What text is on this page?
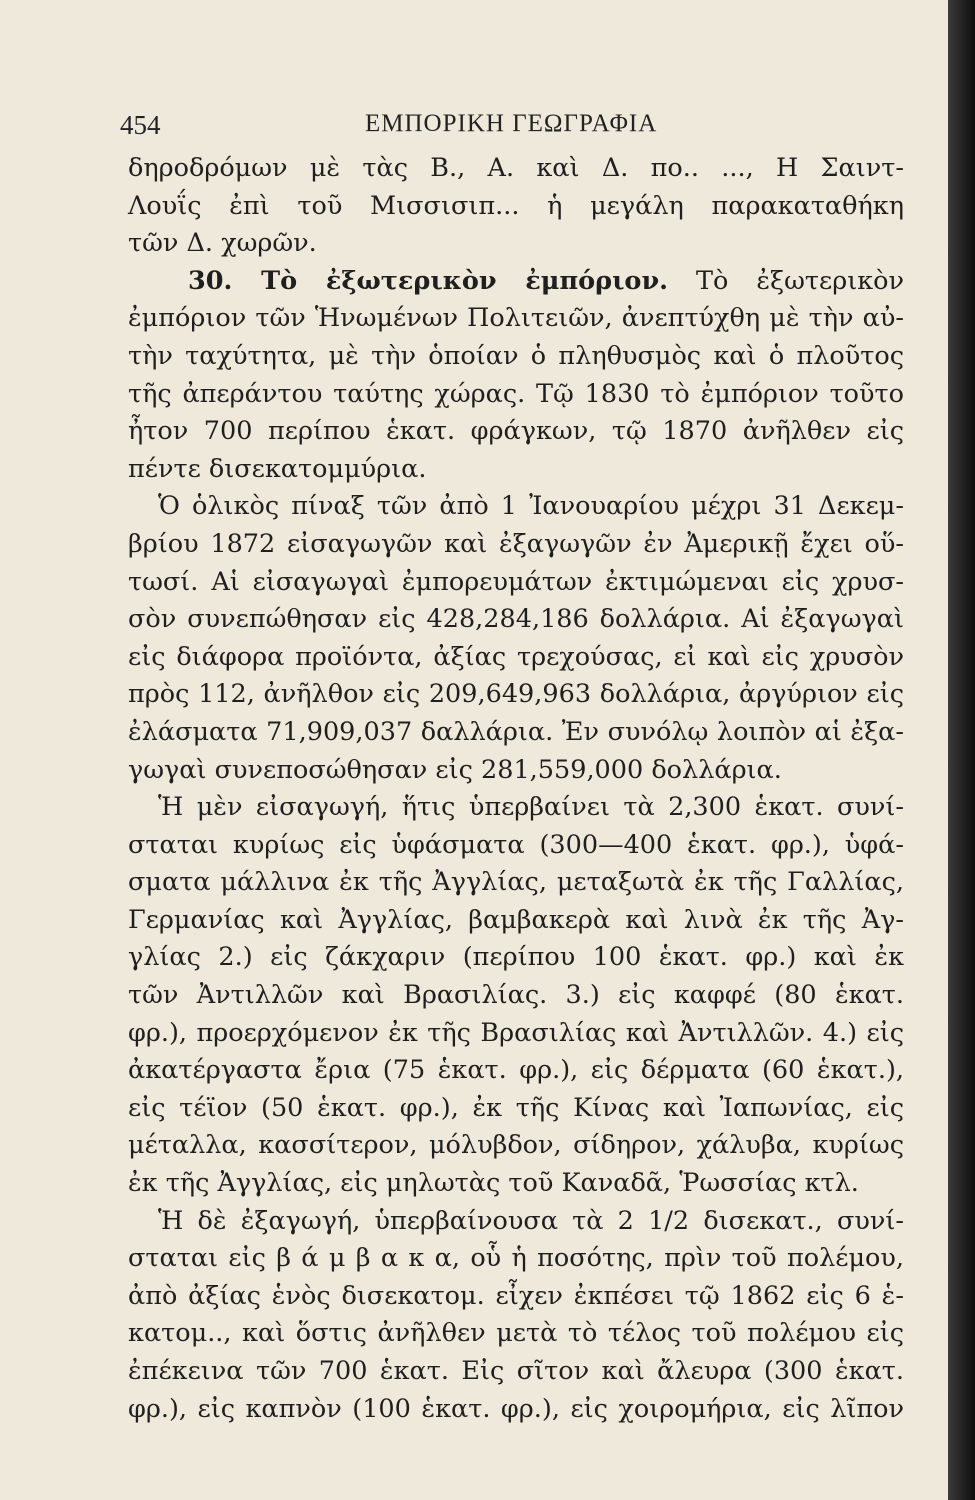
454	ΕΜΠΟΡΙΚΗ ΓΕΩΓΡΑΦΙΑ
δηροδρόμων μὲ τὰς Β., Α. καὶ Δ. πο.. ..., Η Σαιντ-
Λουΐς ἐπὶ τοῦ Μισσισιπ... ἡ μεγάλη παρακαταθήκη
τῶν Δ. χωρῶν.
30. Τὸ ἐξωτερικὸν ἐμπόριον. Τὸ ἐξωτερικὸν
ἐμπόριον τῶν Ἡνωμένων Πολιτειῶν, ἀνεπτύχθη μὲ τὴν αὐ-
τὴν ταχύτητα, μὲ τὴν ὁποίαν ὁ πληθυσμὸς καὶ ὁ πλοῦτος
τῆς ἀπεράντου ταύτης χώρας. Τῷ 1830 τὸ ἐμπόριον τοῦτο
ἦτον 700 περίπου ἑκατ. φράγκων, τῷ 1870 ἀνῆλθεν εἰς
πέντε δισεκατομμύρια.
Ὁ ὁλικὸς πίναξ τῶν ἀπὸ 1 Ἰανουαρίου μέχρι 31 Δεκεμ-
βρίου 1872 εἰσαγωγῶν καὶ ἐξαγωγῶν ἐν Ἀμερικῇ ἔχει οὕ-
τωσί. Αἱ εἰσαγωγαὶ ἐμπορευμάτων ἐκτιμώμεναι εἰς χρυσ-
σὸν συνεπώθησαν εἰς 428,284,186 δολλάρια. Αἱ ἐξαγωγαὶ
εἰς διάφορα προϊόντα, ἀξίας τρεχούσας, εἰ καὶ εἰς χρυσὸν
πρὸς 112, ἀνῆλθον εἰς 209,649,963 δολλάρια, ἀργύριον εἰς
ἐλάσματα 71,909,037 δαλλάρια. Ἐν συνόλῳ λοιπὸν αἱ ἐξα-
γωγαὶ συνεποσώθησαν εἰς 281,559,000 δολλάρια.
Ἡ μὲν εἰσαγωγή, ἥτις ὑπερβαίνει τὰ 2,300 ἑκατ. συνί-
σταται κυρίως εἰς ὑφάσματα (300—400 ἑκατ. φρ.), ὑφά-
σματα μάλλινα ἐκ τῆς Ἀγγλίας, μεταξωτὰ ἐκ τῆς Γαλλίας,
Γερμανίας καὶ Ἀγγλίας, βαμβακερὰ καὶ λινὰ ἐκ τῆς Ἀγ-
γλίας 2.) εἰς ζάκχαριν (περίπου 100 ἑκατ. φρ.) καὶ ἐκ
τῶν Ἀντιλλῶν καὶ Βρασιλίας. 3.) εἰς καφφέ (80 ἑκατ.
φρ.), προερχόμενον ἐκ τῆς Βρασιλίας καὶ Ἀντιλλῶν. 4.) εἰς
ἀκατέργαστα ἔρια (75 ἑκατ. φρ.), εἰς δέρματα (60 ἑκατ.),
εἰς τέϊον (50 ἑκατ. φρ.), ἐκ τῆς Κίνας καὶ Ἰαπωνίας, εἰς
μέταλλα, κασσίτερον, μόλυβδον, σίδηρον, χάλυβα, κυρίως
ἐκ τῆς Ἀγγλίας, εἰς μηλωτὰς τοῦ Καναδᾶ, Ῥωσσίας κτλ.
Ἡ δὲ ἐξαγωγή, ὑπερβαίνουσα τὰ 2 1/2 δισεκατ., συνί-
σταται εἰς β ά μ β α κ α, οὗ ἡ ποσότης, πρὶν τοῦ πολέμου,
ἀπὸ ἀξίας ἑνὸς δισεκατομ. εἶχεν ἐκπέσει τῷ 1862 εἰς 6 ἑ-
κατομ.., καὶ ὅστις ἀνῆλθεν μετὰ τὸ τέλος τοῦ πολέμου εἰς
ἐπέκεινα τῶν 700 ἑκατ. Εἰς σῖτον καὶ ἄλευρα (300 ἑκατ.
φρ.), εἰς καπνὸν (100 ἑκατ. φρ.), εἰς χοιρομήρια, εἰς λῖπον
